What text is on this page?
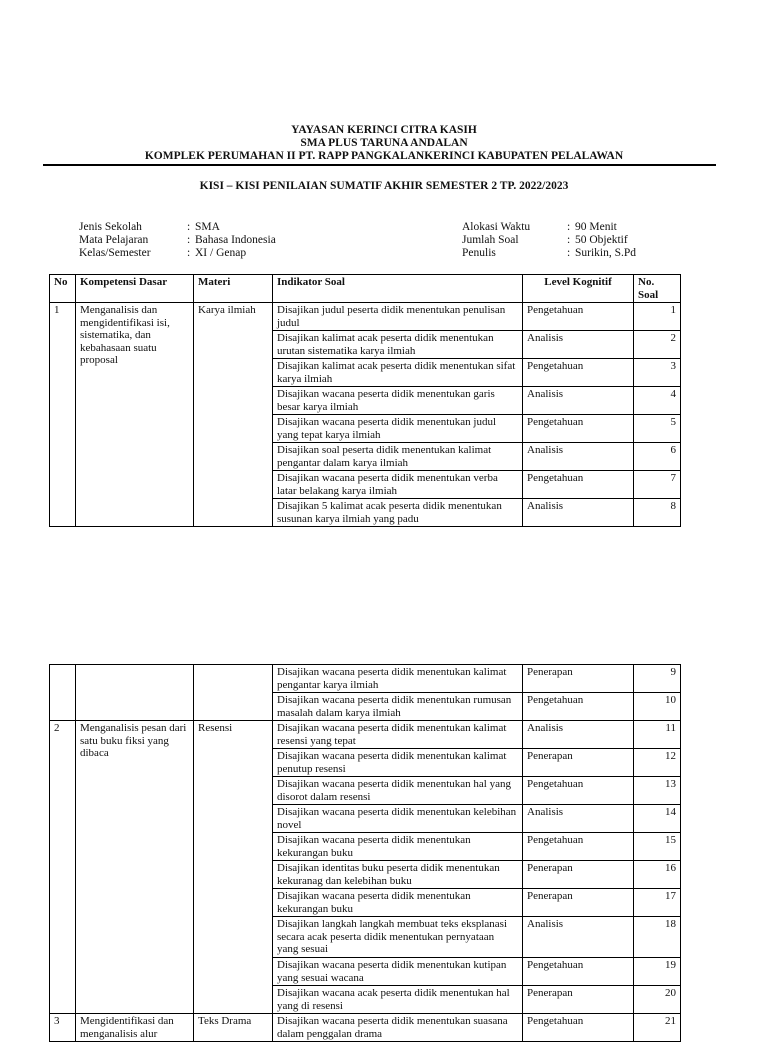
YAYASAN KERINCI CITRA KASIH
SMA PLUS TARUNA ANDALAN
KOMPLEK PERUMAHAN II PT. RAPP PANGKALANKERINCI KABUPATEN PELALAWAN
KISI – KISI PENILAIAN SUMATIF AKHIR SEMESTER 2 TP. 2022/2023
Jenis Sekolah	: SMA
Mata Pelajaran	: Bahasa Indonesia
Kelas/Semester	: XI / Genap
Alokasi Waktu	: 90 Menit
Jumlah Soal	: 50 Objektif
Penulis	: Surikin, S.Pd
No	Kompetensi Dasar	Materi	Indikator Soal	Level Kognitif	No. Soal
1	Menganalisis dan mengidentifikasi isi, sistematika, dan kebahasaan suatu proposal	Karya ilmiah	Disajikan judul peserta didik menentukan penulisan judul	Pengetahuan	1

			Disajikan kalimat acak peserta didik menentukan urutan sistematika karya ilmiah	Analisis	2

			Disajikan kalimat acak peserta didik menentukan sifat karya ilmiah	Pengetahuan	3

			Disajikan wacana peserta didik menentukan garis besar karya ilmiah	Analisis	4

			Disajikan wacana peserta didik menentukan judul yang tepat karya ilmiah	Pengetahuan	5

			Disajikan soal peserta didik menentukan kalimat pengantar dalam karya ilmiah	Analisis	6

			Disajikan wacana peserta didik menentukan verba latar belakang karya ilmiah	Pengetahuan	7

			Disajikan 5 kalimat acak peserta didik menentukan susunan karya ilmiah yang padu	Analisis	8

			Disajikan wacana peserta didik menentukan kalimat pengantar karya ilmiah	Penerapan	9

			Disajikan wacana peserta didik menentukan rumusan masalah dalam karya ilmiah	Pengetahuan	10
2	Menganalisis pesan dari satu buku fiksi yang dibaca	Resensi	Disajikan wacana peserta didik menentukan kalimat resensi yang tepat	Analisis	11

			Disajikan wacana peserta didik menentukan kalimat penutup resensi	Penerapan	12

			Disajikan wacana peserta didik menentukan hal yang disorot dalam resensi	Pengetahuan	13

			Disajikan wacana peserta didik menentukan kelebihan novel	Analisis	14

			Disajikan wacana peserta didik menentukan kekurangan buku	Pengetahuan	15

			Disajikan identitas buku peserta didik menentukan kekuranag dan kelebihan buku	Penerapan	16

			Disajikan wacana peserta didik menentukan kekurangan buku	Penerapan	17

			Disajikan langkah langkah membuat teks eksplanasi secara acak peserta didik menentukan pernyataan yang sesuai	Analisis	18

			Disajikan wacana peserta didik menentukan kutipan yang sesuai wacana	Pengetahuan	19

			Disajikan wacana acak peserta didik menentukan hal yang di resensi	Penerapan	20
3	Mengidentifikasi dan menganalisis alur	Teks Drama	Disajikan wacana peserta didik menentukan suasana dalam penggalan drama	Pengetahuan	21
